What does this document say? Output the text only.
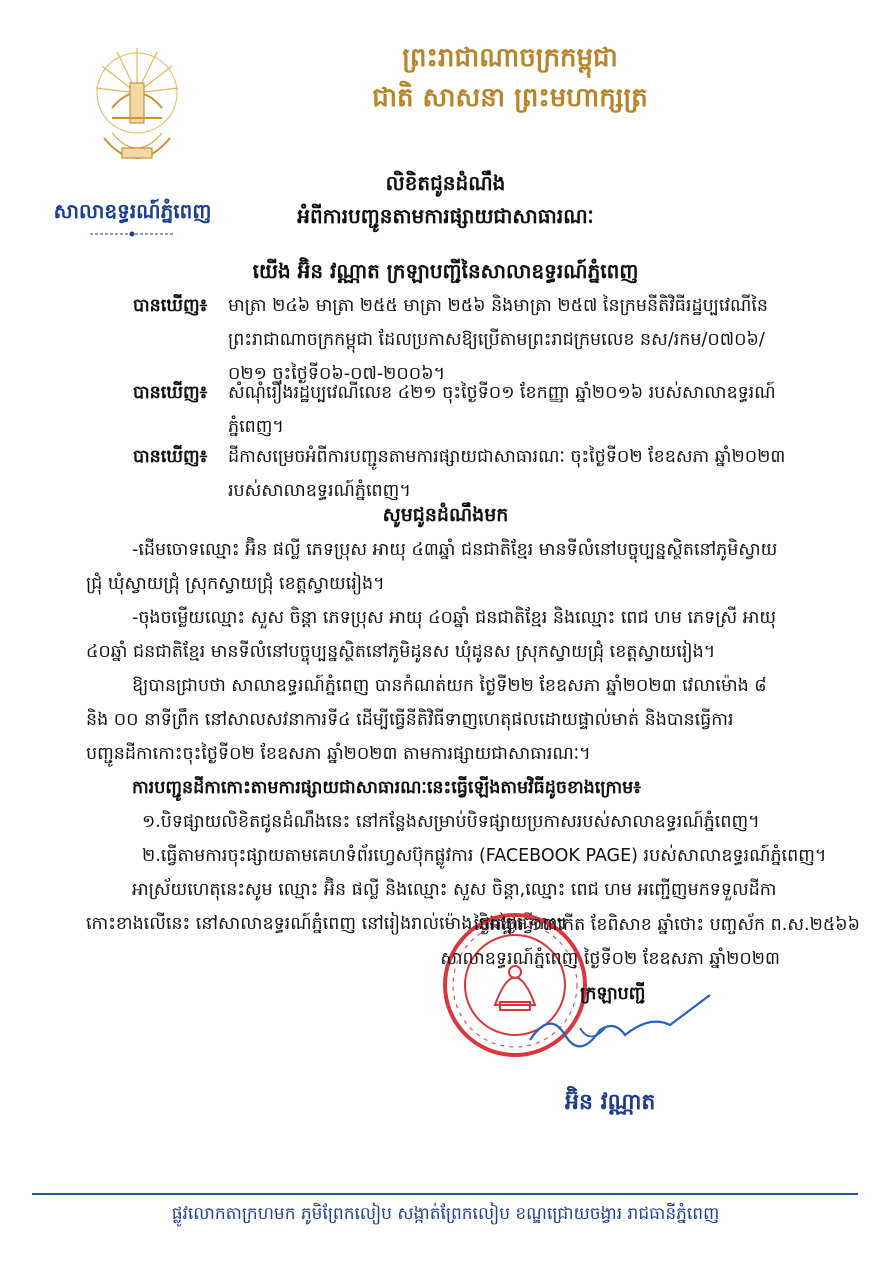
សាលាឧទ្ធរណ៍ភ្នំពេញ
ព្រះរាជាណាចក្រកម្ពុជា
ជាតិ សាសនា ព្រះមហាក្សត្រ
លិខិតជូនដំណឹង
អំពីការបញ្ជូនតាមការផ្សាយជាសាធារណៈ
យើង អ៊ិន វណ្ណាត ក្រឡាបញ្ជីនៃសាលាឧទ្ធរណ៍ភ្នំពេញ
បានឃើញ៖	មាត្រា ២៤៦ មាត្រា ២៥៥ មាត្រា ២៥៦ និងមាត្រា ២៥៧ នៃក្រមនីតិវិធីរដ្ឋប្បវេណីនៃ
ព្រះរាជាណាចក្រកម្ពុជា ដែលប្រកាសឱ្យប្រើតាមព្រះរាជក្រមលេខ នស/រកម/០៧០៦/
០២១ ចុះថ្ងៃទី០៦-០៧-២០០៦។
បានឃើញ៖	សំណុំរឿងរដ្ឋប្បវេណីលេខ ៤២១ ចុះថ្ងៃទី០១ ខែកញ្ញា ឆ្នាំ២០១៦ របស់សាលាឧទ្ធរណ៍
ភ្នំពេញ។
បានឃើញ៖	ដីកាសម្រេចអំពីការបញ្ជូនតាមការផ្សាយជាសាធារណៈ ចុះថ្ងៃទី០២ ខែឧសភា ឆ្នាំ២០២៣
របស់សាលាឧទ្ធរណ៍ភ្នំពេញ។
សូមជូនដំណឹងមក
-ដើមចោទឈ្មោះ អ៊ិន ផល្លី ភេទប្រុស អាយុ ៤៣ឆ្នាំ ជនជាតិខ្មែរ មានទីលំនៅបច្ចុប្បន្នស្ថិតនៅភូមិស្វាយ
ជ្រុំ ឃុំស្វាយជ្រុំ ស្រុកស្វាយជ្រុំ ខេត្តស្វាយរៀង។
-ចុងចម្លើយឈ្មោះ សួស ចិន្តា ភេទប្រុស អាយុ ៤០ឆ្នាំ ជនជាតិខ្មែរ និងឈ្មោះ ពេជ ហម ភេទស្រី អាយុ
៤០ឆ្នាំ ជនជាតិខ្មែរ មានទីលំនៅបច្ចុប្បន្នស្ថិតនៅភូមិដូនស ឃុំដូនស ស្រុកស្វាយជ្រុំ ខេត្តស្វាយរៀង។
ឱ្យបានជ្រាបថា សាលាឧទ្ធរណ៍ភ្នំពេញ បានកំណត់យក ថ្ងៃទី២២ ខែឧសភា ឆ្នាំ២០២៣ វេលាម៉ោង ៨
និង ០០ នាទីព្រឹក នៅសាលសវនាការទី៤ ដើម្បីធ្វើនីតិវិធីទាញហេតុផលដោយផ្ទាល់មាត់ និងបានធ្វើការ
បញ្ជូនដីកាកោះចុះថ្ងៃទី០២ ខែឧសភា ឆ្នាំ២០២៣ តាមការផ្សាយជាសាធារណៈ។
ការបញ្ជូនដីកាកោះតាមការផ្សាយជាសាធារណៈនេះធ្វើឡើងតាមវិធីដូចខាងក្រោម៖
១.បិទផ្សាយលិខិតជូនដំណឹងនេះ នៅកន្លែងសម្រាប់បិទផ្សាយប្រកាសរបស់សាលាឧទ្ធរណ៍ភ្នំពេញ។
២.ធ្វើតាមការចុះផ្សាយតាមគេហទំព័រហ្វេសប៊ុកផ្លូវការ (FACEBOOK PAGE) របស់សាលាឧទ្ធរណ៍ភ្នំពេញ។
អាស្រ័យហេតុនេះសូម ឈ្មោះ អ៊ិន ផល្លី និងឈ្មោះ សួស ចិន្តា,ឈ្មោះ ពេជ ហម អញ្ជើញមកទទួលដីកា
កោះខាងលើនេះ នៅសាលាឧទ្ធរណ៍ភ្នំពេញ នៅរៀងរាល់ម៉ោង និងថ្ងៃធ្វើការ។
ថ្ងៃអង្គារ ១៣កើត ខែពិសាខ ឆ្នាំថោះ បញ្ចស័ក ព.ស.២៥៦៦
សាលាឧទ្ធរណ៍ភ្នំពេញ ថ្ងៃទី០២ ខែឧសភា ឆ្នាំ២០២៣
ក្រឡាបញ្ជី
អ៊ិន វណ្ណាត
ផ្លូវលោកតាក្រហមក ភូមិព្រែកលៀប សង្កាត់ព្រែកលៀប ខណ្ឌជ្រោយចង្វារ រាជធានីភ្នំពេញ
